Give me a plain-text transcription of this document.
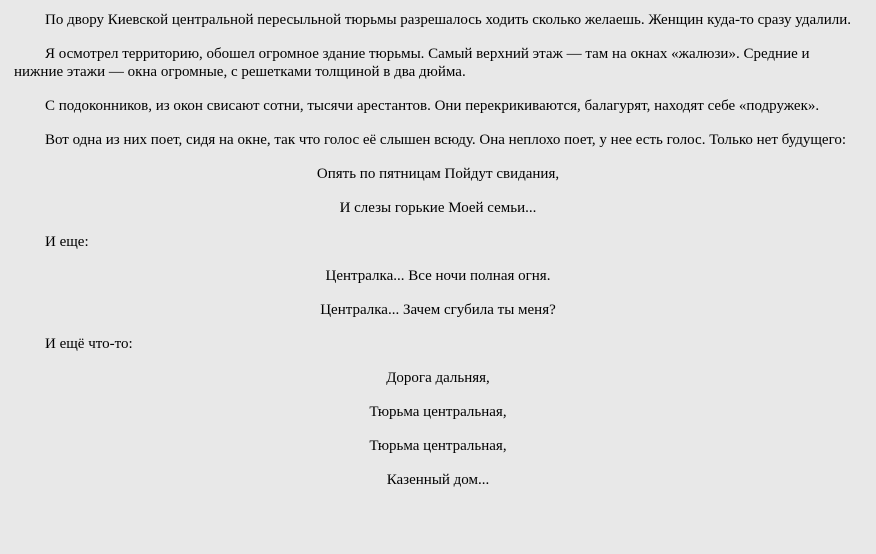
По двору Киевской центральной пересыльной тюрьмы разрешалось ходить сколько желаешь. Женщин куда-то сразу удалили.

Я осмотрел территорию, обошел огромное здание тюрьмы. Самый верхний этаж — там на окнах «жалюзи». Средние и нижние этажи — окна огромные, с решетками толщиной в два дюйма.

С подоконников, из окон свисают сотни, тысячи арестантов. Они перекрикиваются, балагурят, находят себе «подружек».

Вот одна из них поет, сидя на окне, так что голос её слышен всюду. Она неплохо поет, у нее есть голос. Только нет будущего:

Опять по пятницам Пойдут свидания,

И слезы горькие Моей семьи...

И еще:

Централка... Все ночи полная огня.

Централка... Зачем сгубила ты меня?

И ещё что-то:

Дорога дальняя,

Тюрьма центральная,

Тюрьма центральная,

Казенный дом...
